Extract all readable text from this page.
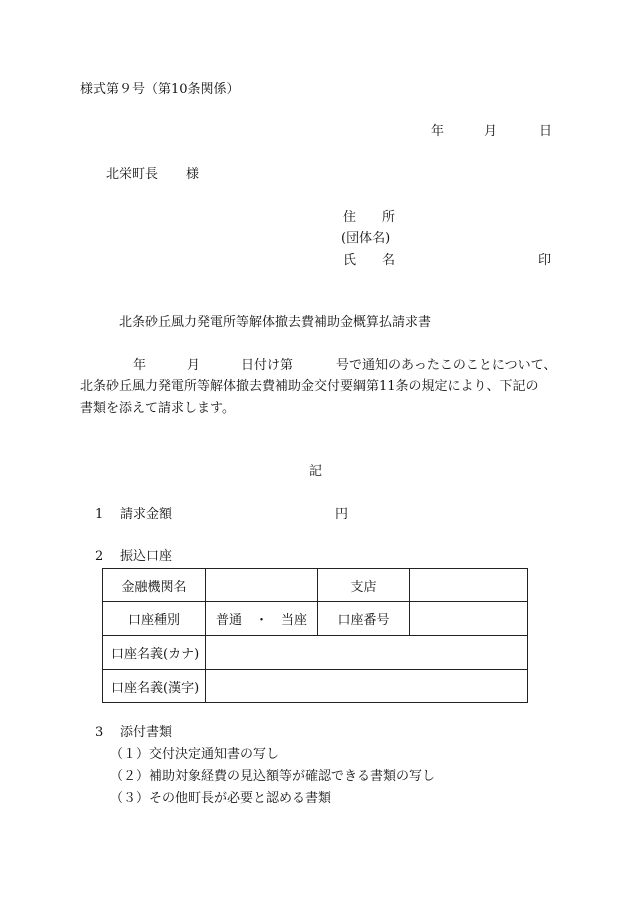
様式第９号（第10条関係）
年	月	日
北栄町長 様
住　　所
(団体名)
氏　　名	印
北条砂丘風力発電所等解体撤去費補助金概算払請求書
年	月	日付け第	号で通知のあったこのことについて、
北条砂丘風力発電所等解体撤去費補助金交付要綱第11条の規定により、下記の
書類を添えて請求します。
記
1 請求金額	円
2 振込口座
金融機関名	支店
口座種別	普通　・　当座 口座番号
口座名義(カナ)
口座名義(漢字)
3 添付書類
（１）交付決定通知書の写し
（２）補助対象経費の見込額等が確認できる書類の写し
（３）その他町長が必要と認める書類
